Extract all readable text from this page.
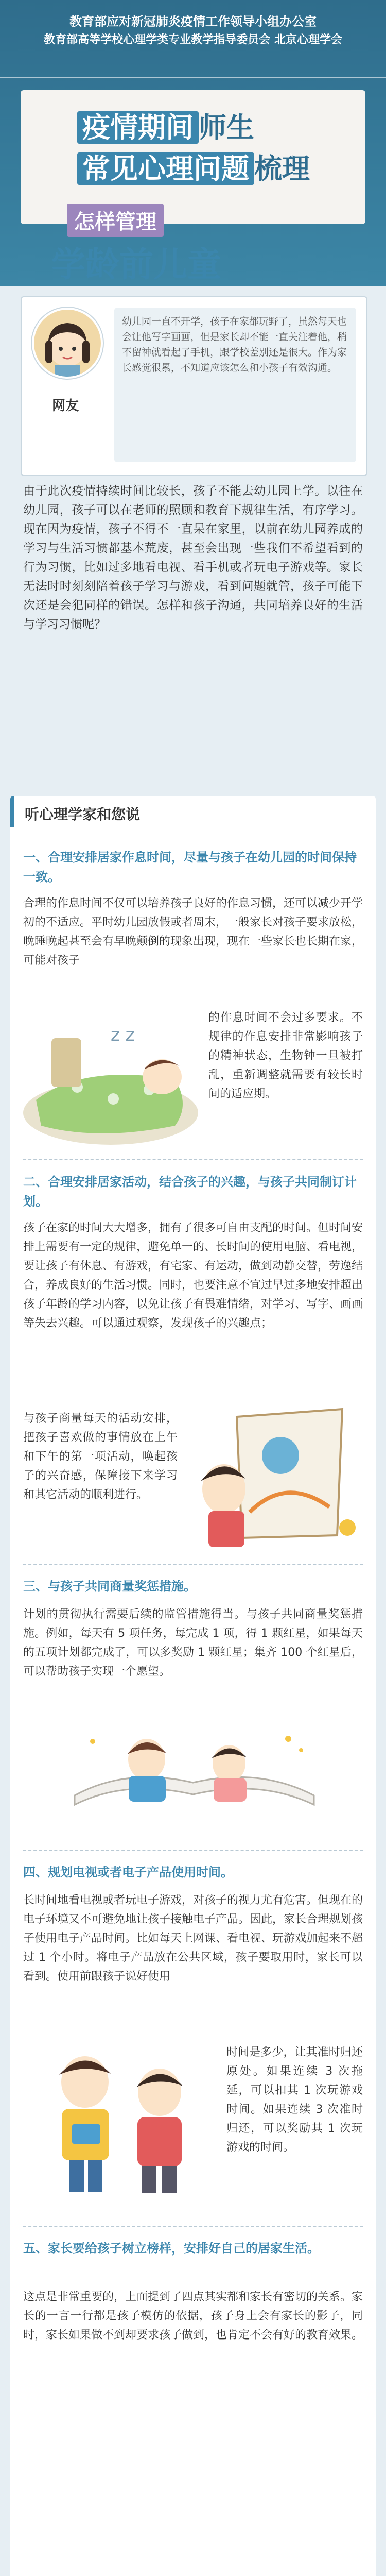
教育部应对新冠肺炎疫情工作领导小组办公室
教育部高等学校心理学类专业教学指导委员会 北京心理学会
疫情期间 师生
常见心理问题 梳理
怎样管理
学龄前儿童
网友
幼儿园一直不开学，孩子在家都玩野了，虽然每天也会让他写字画画，但是家长却不能一直关注着他，稍不留神就看起了手机，跟学校差别还是很大。作为家长感觉很累，不知道应该怎么和小孩子有效沟通。
由于此次疫情持续时间比较长，孩子不能去幼儿园上学。以往在幼儿园，孩子可以在老师的照顾和教育下规律生活，有序学习。现在因为疫情，孩子不得不一直呆在家里，以前在幼儿园养成的学习与生活习惯都基本荒废，甚至会出现一些我们不希望看到的行为习惯，比如过多地看电视、看手机或者玩电子游戏等。家长无法时时刻刻陪着孩子学习与游戏，看到问题就管，孩子可能下次还是会犯同样的错误。怎样和孩子沟通，共同培养良好的生活与学习习惯呢？
听心理学家和您说
一、合理安排居家作息时间，尽量与孩子在幼儿园的时间保持一致。
合理的作息时间不仅可以培养孩子良好的作息习惯，还可以减少开学初的不适应。平时幼儿园放假或者周末，一般家长对孩子要求放松，晚睡晚起甚至会有早晚颠倒的现象出现，现在一些家长也长期在家，可能对孩子
的作息时间不会过多要求。不规律的作息安排非常影响孩子的精神状态，生物钟一旦被打乱，重新调整就需要有较长时间的适应期。
z z
二、合理安排居家活动，结合孩子的兴趣，与孩子共同制订计划。
孩子在家的时间大大增多，拥有了很多可自由支配的时间。但时间安排上需要有一定的规律，避免单一的、长时间的使用电脑、看电视，要让孩子有休息、有游戏，有宅家、有运动，做到动静交替，劳逸结合，养成良好的生活习惯。同时，也要注意不宜过早过多地安排超出孩子年龄的学习内容，以免让孩子有畏难情绪，对学习、写字、画画等失去兴趣。可以通过观察，发现孩子的兴趣点；
与孩子商量每天的活动安排，把孩子喜欢做的事情放在上午和下午的第一项活动，唤起孩子的兴奋感，保障接下来学习和其它活动的顺利进行。
三、与孩子共同商量奖惩措施。
计划的贯彻执行需要后续的监管措施得当。与孩子共同商量奖惩措施。例如，每天有 5 项任务，每完成 1 项，得 1 颗红星，如果每天的五项计划都完成了，可以多奖励 1 颗红星；集齐 100 个红星后，可以帮助孩子实现一个愿望。
四、规划电视或者电子产品使用时间。
长时间地看电视或者玩电子游戏，对孩子的视力尤有危害。但现在的电子环境又不可避免地让孩子接触电子产品。因此，家长合理规划孩子使用电子产品时间。比如每天上网课、看电视、玩游戏加起来不超过 1 个小时。将电子产品放在公共区域，孩子要取用时，家长可以看到。使用前跟孩子说好使用
时间是多少，让其准时归还原处。如果连续 3 次拖延，可以扣其 1 次玩游戏时间。如果连续 3 次准时归还，可以奖励其 1 次玩游戏的时间。
五、家长要给孩子树立榜样，安排好自己的居家生活。
这点是非常重要的，上面提到了四点其实都和家长有密切的关系。家长的一言一行都是孩子模仿的依据，孩子身上会有家长的影子，同时，家长如果做不到却要求孩子做到，也肯定不会有好的教育效果。
